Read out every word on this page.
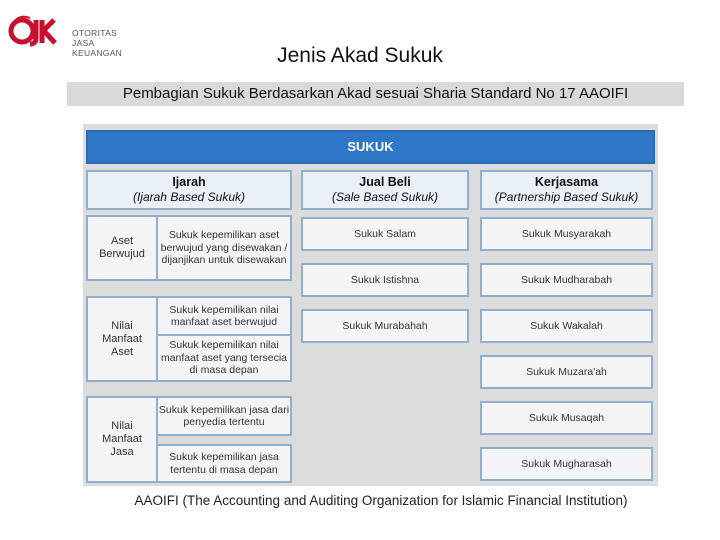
OTORITAS
JASA
KEUANGAN	Jenis Akad Sukuk
Pembagian Sukuk Berdasarkan Akad sesuai Sharia Standard No 17 AAOIFI
SUKUK
Ijarah
(Ijarah Based Sukuk)
Jual Beli
(Sale Based Sukuk)
Kerjasama
(Partnership Based Sukuk)
Aset Berwujud
Nilai Manfaat Aset
Nilai Manfaat Jasa
Sukuk kepemilikan aset berwujud yang disewakan / dijanjikan untuk disewakan
Sukuk kepemilikan nilai manfaat aset berwujud
Sukuk kepemilikan nilai manfaat aset yang tersecia di masa depan
Sukuk kepemilikan jasa dari penyedia tertentu
Sukuk kepemilikan jasa tertentu di masa depan
Sukuk Salam
Sukuk Istishna
Sukuk Murabahah
Sukuk Musyarakah
Sukuk Mudharabah
Sukuk Wakalah
Sukuk Muzara'ah
Sukuk Musaqah
Sukuk Mugharasah
AAOIFI (The Accounting and Auditing Organization for Islamic Financial Institution)
